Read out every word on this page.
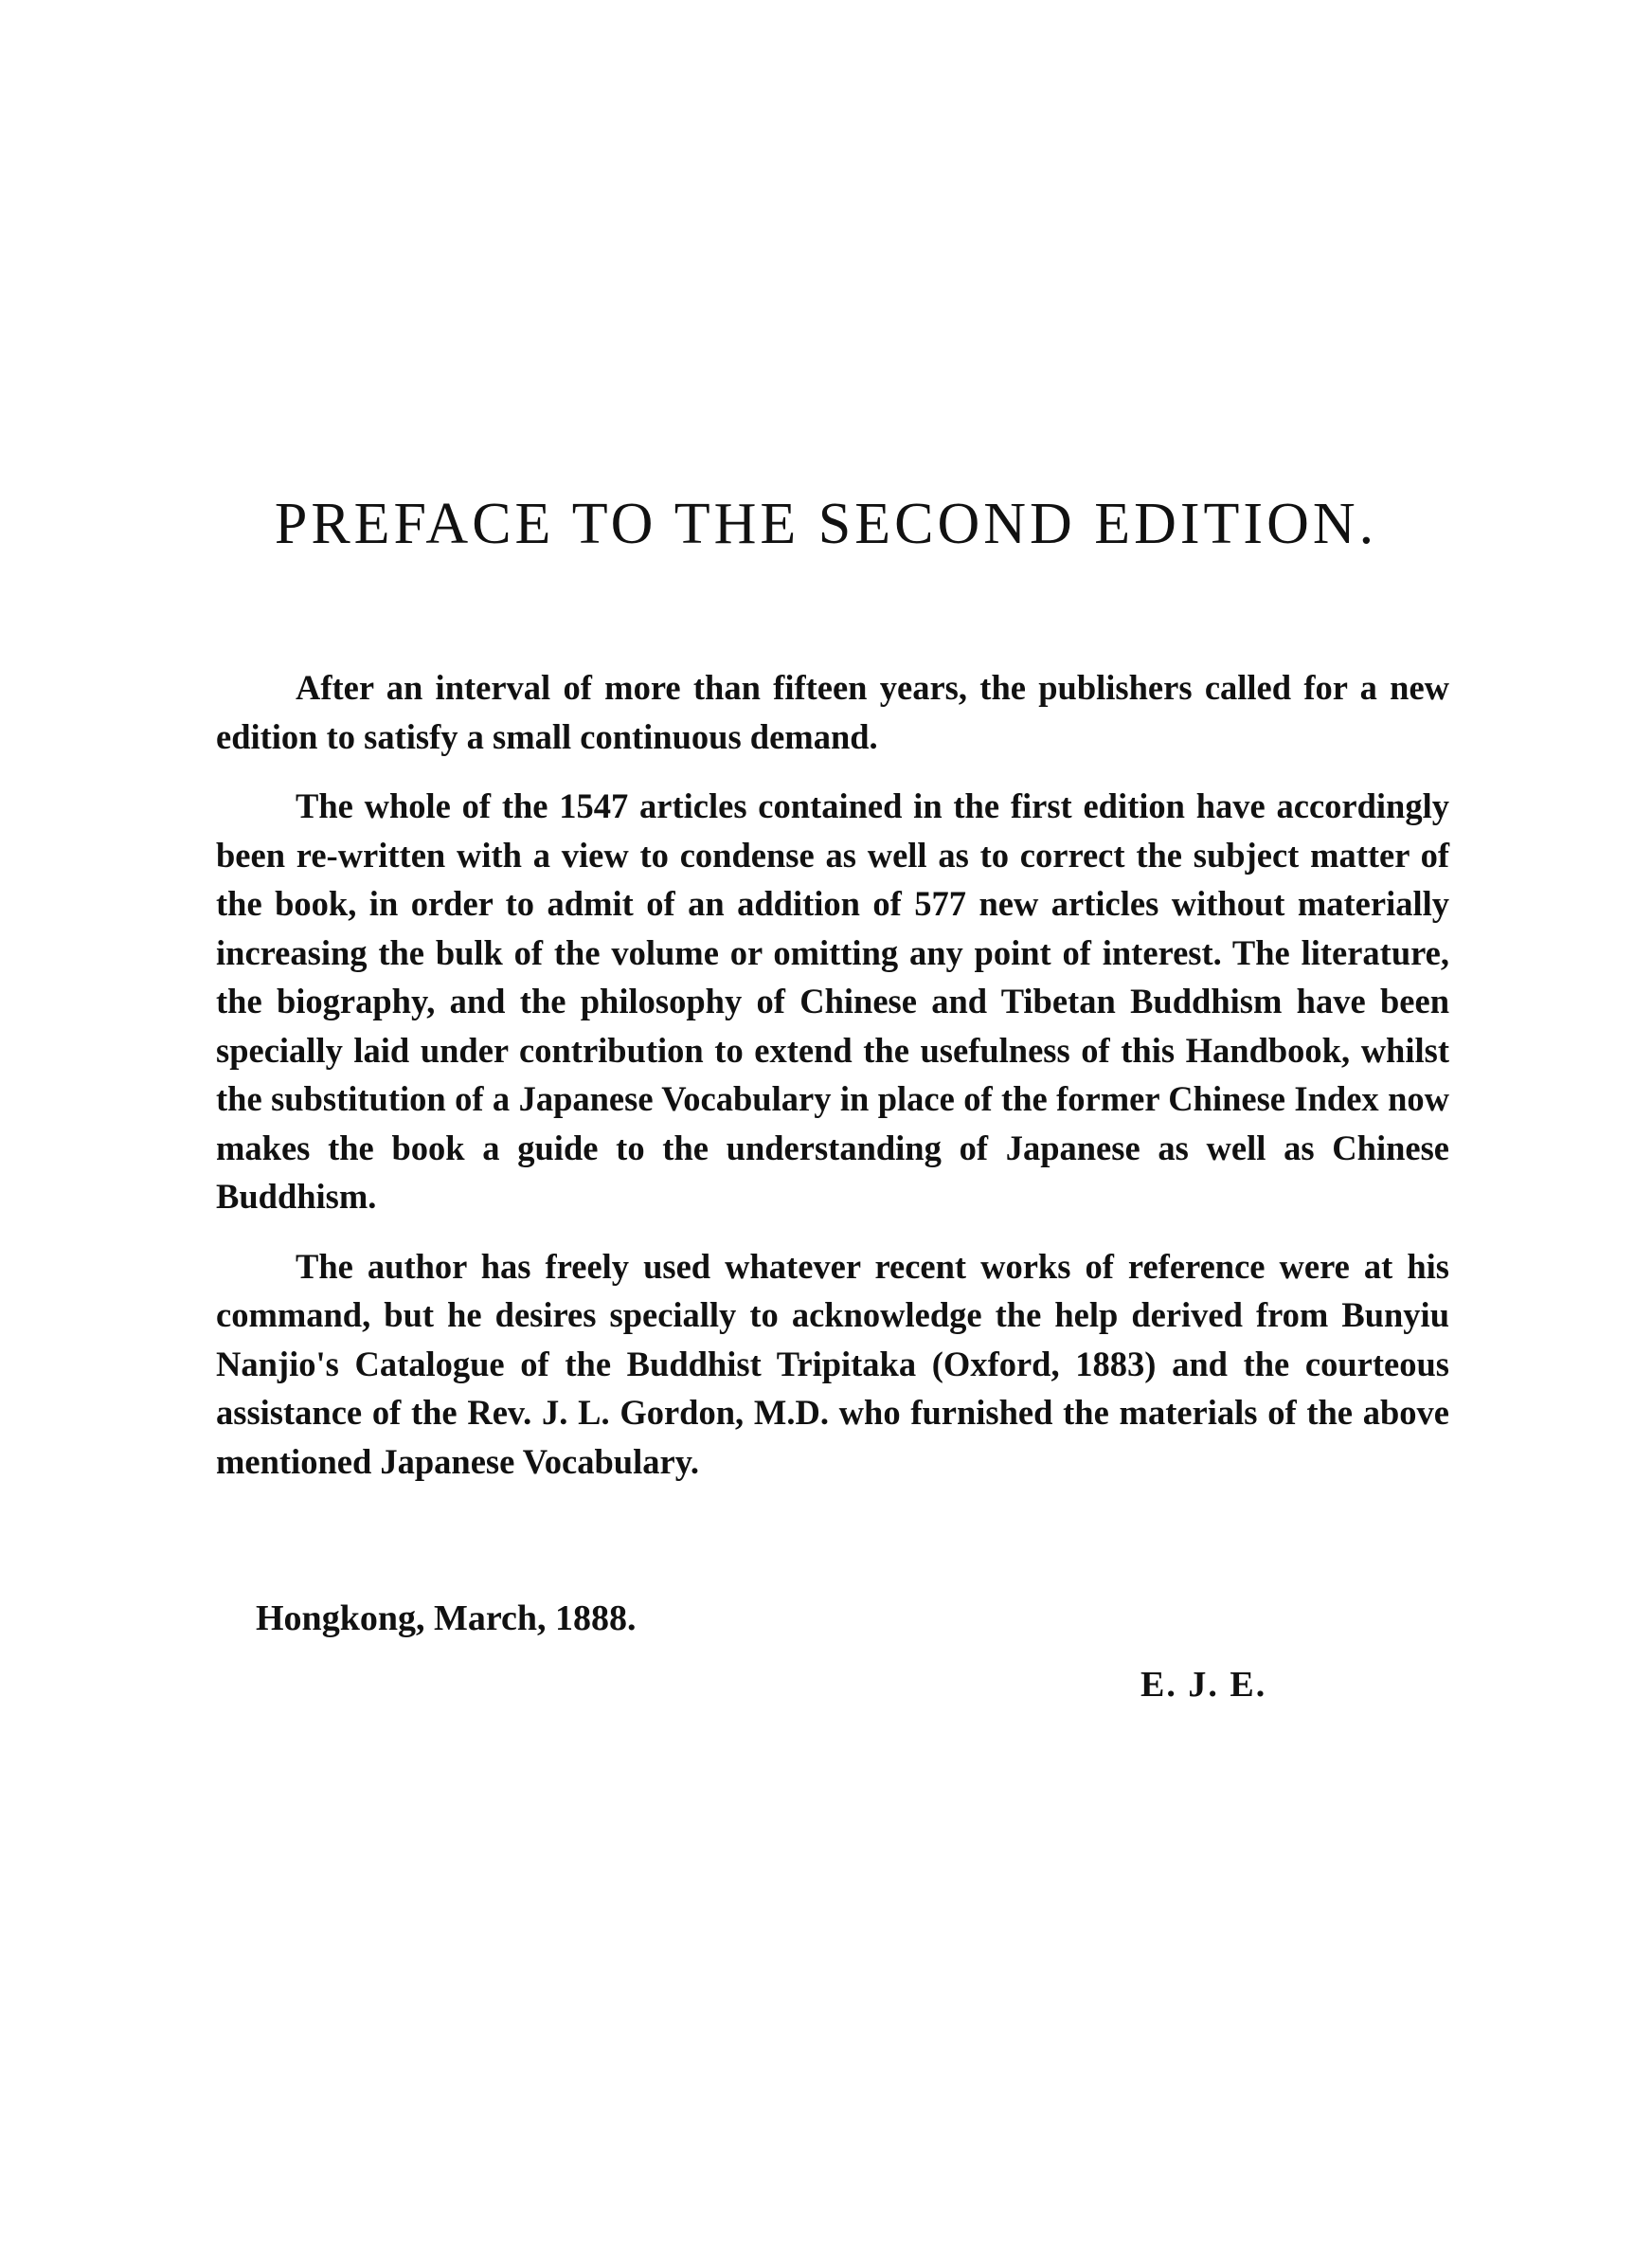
PREFACE TO THE SECOND EDITION.

After an interval of more than fifteen years, the publishers called for a new edition to satisfy a small continuous demand.

The whole of the 1547 articles contained in the first edition have accordingly been re-written with a view to condense as well as to correct the subject matter of the book, in order to admit of an addition of 577 new articles without materially increasing the bulk of the volume or omitting any point of interest. The literature, the biography, and the philosophy of Chinese and Tibetan Buddhism have been specially laid under contribution to extend the usefulness of this Handbook, whilst the substitution of a Japanese Vocabulary in place of the former Chinese Index now makes the book a guide to the understanding of Japanese as well as Chinese Buddhism.

The author has freely used whatever recent works of reference were at his command, but he desires specially to acknowledge the help derived from Bunyiu Nanjio's Catalogue of the Buddhist Tripitaka (Oxford, 1883) and the courteous assistance of the Rev. J. L. Gordon, M.D. who furnished the materials of the above mentioned Japanese Vocabulary.

Hongkong, March, 1888.

E. J. E.
